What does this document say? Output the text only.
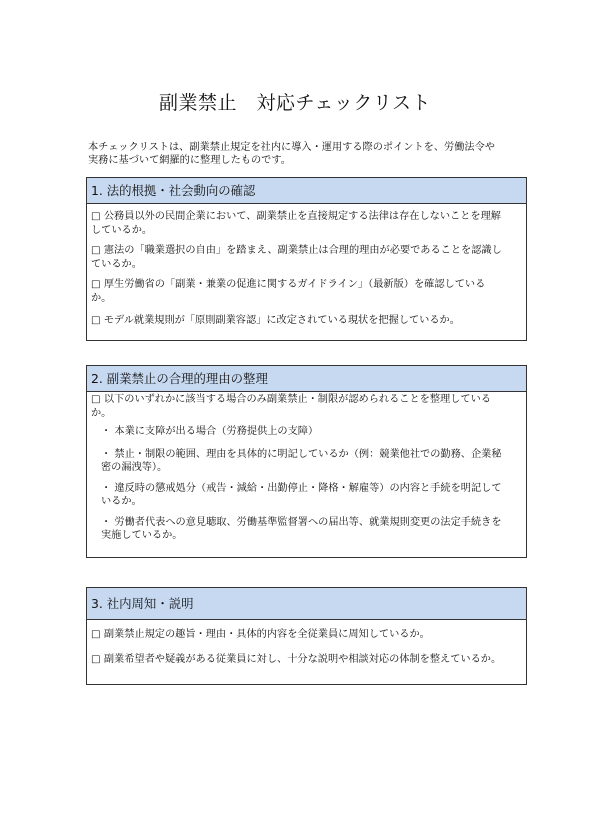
副業禁止　対応チェックリスト

本チェックリストは、副業禁止規定を社内に導入・運用する際のポイントを、労働法令や

実務に基づいて網羅的に整理したものです。

1. 法的根拠・社会動向の確認
□ 公務員以外の民間企業において、副業禁止を直接規定する法律は存在しないことを理解
しているか。
□ 憲法の「職業選択の自由」を踏まえ、副業禁止は合理的理由が必要であることを認識し
ているか。
□ 厚生労働省の「副業・兼業の促進に関するガイドライン」（最新版）を確認している
か。
□ モデル就業規則が「原則副業容認」に改定されている現状を把握しているか。
2. 副業禁止の合理的理由の整理
□ 以下のいずれかに該当する場合のみ副業禁止・制限が認められることを整理している
か。
・ 本業に支障が出る場合（労務提供上の支障）
・ 禁止・制限の範囲、理由を具体的に明記しているか（例：競業他社での勤務、企業秘
密の漏洩等）。
・ 違反時の懲戒処分（戒告・減給・出勤停止・降格・解雇等）の内容と手続を明記して
いるか。
・ 労働者代表への意見聴取、労働基準監督署への届出等、就業規則変更の法定手続きを
実施しているか。
3. 社内周知・説明
□ 副業禁止規定の趣旨・理由・具体的内容を全従業員に周知しているか。
□ 副業希望者や疑義がある従業員に対し、十分な説明や相談対応の体制を整えているか。
